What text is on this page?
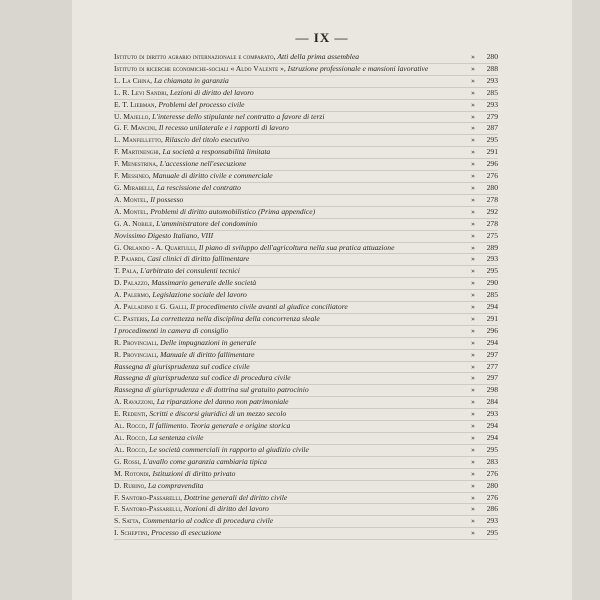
— IX —
Istituto di diritto agrario internazionale e comparato, Atti della prima assemblea	»	280
Istituto di ricerche economiche-sociali « Aldo Valente », Istruzione professionale e mansioni lavorative	»	288
L. La China, La chiamata in garanzia	»	293
L. R. Levi Sandri, Lezioni di diritto del lavoro	»	285
E. T. Liebman, Problemi del processo civile	»	293
U. Majello, L'interesse dello stipulante nel contratto a favore di terzi	»	279
G. F. Mancini, Il recesso unilaterale e i rapporti di lavoro	»	287
L. Manfelletto, Rilascio del titolo esecutivo	»	295
F. Martinenghi, La società a responsabilità limitata	»	291
F. Menestrina, L'accessione nell'esecuzione	»	296
F. Messineo, Manuale di diritto civile e commerciale	»	276
G. Mirabelli, La rescissione del contratto	»	280
A. Montel, Il possesso	»	278
A. Montel, Problemi di diritto automobilistico (Prima appendice)	»	292
G. A. Nobile, L'amministratore del condominio	»	278
Novissimo Digesto Italiano, VIII	»	275
G. Orlando - A. Quartulli, Il piano di sviluppo dell'agricoltura nella sua pratica attuazione	»	289
P. Pajardi, Casi clinici di diritto fallimentare	»	293
T. Pala, L'arbitrato dei consulenti tecnici	»	295
D. Palazzo, Massimario generale delle società	»	290
A. Palermo, Legislazione sociale del lavoro	»	285
A. Palladino e G. Galli, Il procedimento civile avanti al giudice conciliatore	»	294
C. Pasteris, La correttezza nella disciplina della concorrenza sleale	»	291
I procedimenti in camera di consiglio	»	296
R. Provinciali, Delle impugnazioni in generale	»	294
R. Provinciali, Manuale di diritto fallimentare	»	297
Rassegna di giurisprudenza sul codice civile	»	277
Rassegna di giurisprudenza sul codice di procedura civile	»	297
Rassegna di giurisprudenza e di dottrina sul gratuito patrocinio	»	298
A. Ravazzoni, La riparazione del danno non patrimoniale	»	284
E. Redenti, Scritti e discorsi giuridici di un mezzo secolo	»	293
Al. Rocco, Il fallimento. Teoria generale e origine storica	»	294
Al. Rocco, La sentenza civile	»	294
Al. Rocco, Le società commerciali in rapporto al giudizio civile	»	295
G. Rossi, L'avallo come garanzia cambiaria tipica	»	283
M. Rotondi, Istituzioni di diritto privato	»	276
D. Rubino, La compravendita	»	280
F. Santoro-Passarelli, Dottrine generali del diritto civile	»	276
F. Santoro-Passarelli, Nozioni di diritto del lavoro	»	286
S. Satta, Commentario al codice di procedura civile	»	293
I. Scheptini, Processo di esecuzione	»	295
